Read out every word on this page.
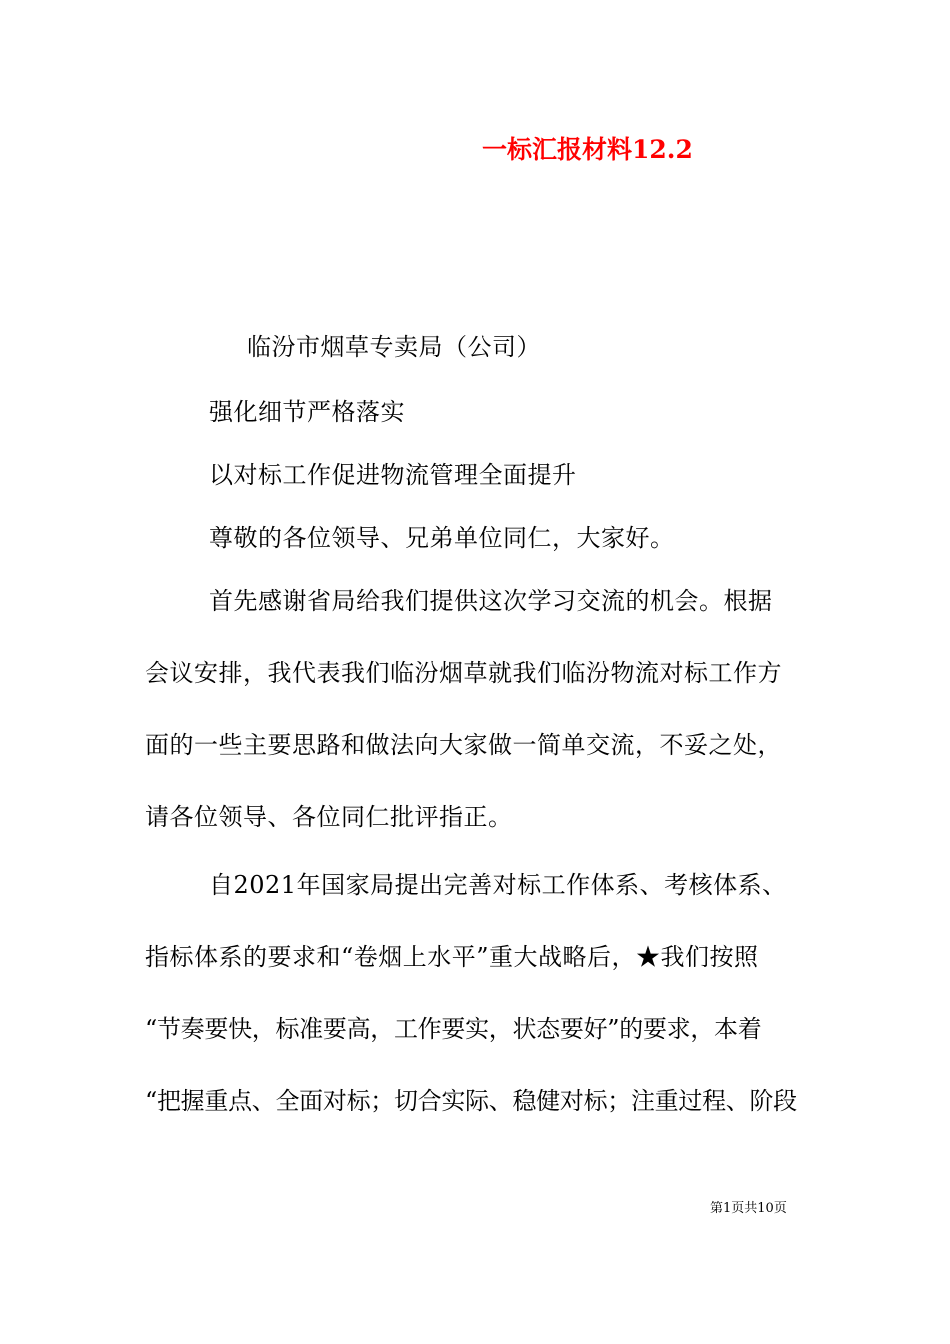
一标汇报材料12.2
临汾市烟草专卖局（公司）
强化细节严格落实
以对标工作促进物流管理全面提升
尊敬的各位领导、兄弟单位同仁，大家好。
首先感谢省局给我们提供这次学习交流的机会。根据
会议安排，我代表我们临汾烟草就我们临汾物流对标工作方
面的一些主要思路和做法向大家做一简单交流，不妥之处，
请各位领导、各位同仁批评指正。
自2021年国家局提出完善对标工作体系、考核体系、
指标体系的要求和“卷烟上水平”重大战略后，★我们按照
“节奏要快，标准要高，工作要实，状态要好”的要求，本着
“把握重点、全面对标；切合实际、稳健对标；注重过程、阶段
第1页共10页
